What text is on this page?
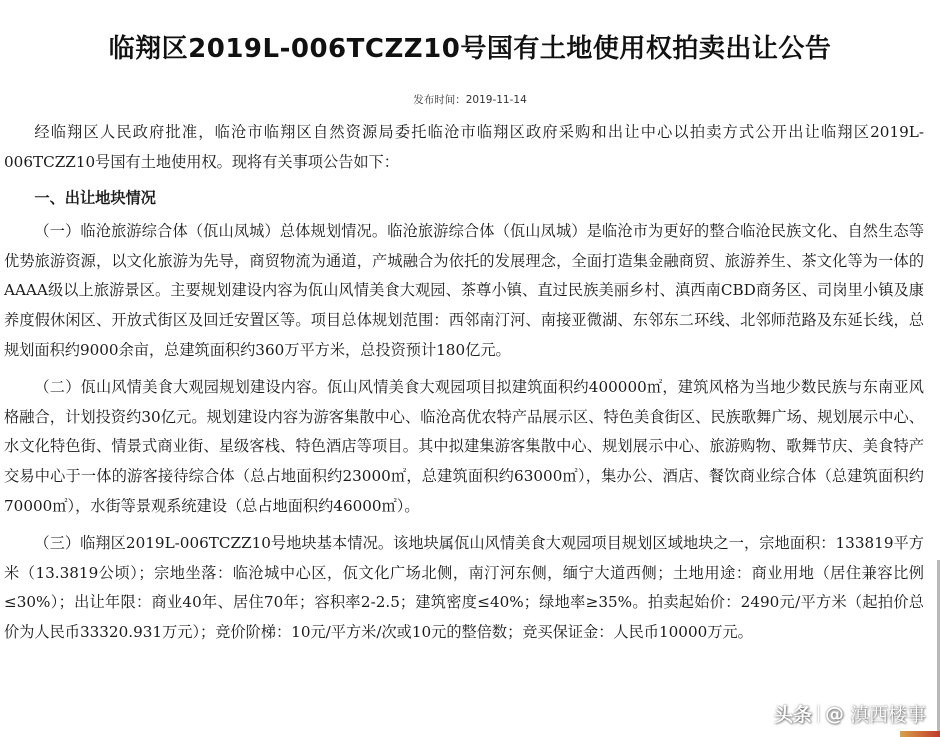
临翔区2019L-006TCZZ10号国有土地使用权拍卖出让公告
发布时间：2019-11-14

经临翔区人民政府批准，临沧市临翔区自然资源局委托临沧市临翔区政府采购和出让中心以拍卖方式公开出让临翔区2019L-006TCZZ10号国有土地使用权。现将有关事项公告如下：

一、出让地块情况

（一）临沧旅游综合体（佤山凤城）总体规划情况。临沧旅游综合体（佤山凤城）是临沧市为更好的整合临沧民族文化、自然生态等优势旅游资源，以文化旅游为先导，商贸物流为通道，产城融合为依托的发展理念，全面打造集金融商贸、旅游养生、茶文化等为一体的AAAA级以上旅游景区。主要规划建设内容为佤山风情美食大观园、茶尊小镇、直过民族美丽乡村、滇西南CBD商务区、司岗里小镇及康养度假休闲区、开放式街区及回迁安置区等。项目总体规划范围：西邻南汀河、南接亚微湖、东邻东二环线、北邻师范路及东延长线，总规划面积约9000余亩，总建筑面积约360万平方米，总投资预计180亿元。

（二）佤山风情美食大观园规划建设内容。佤山风情美食大观园项目拟建筑面积约400000㎡，建筑风格为当地少数民族与东南亚风格融合，计划投资约30亿元。规划建设内容为游客集散中心、临沧高优农特产品展示区、特色美食街区、民族歌舞广场、规划展示中心、水文化特色街、情景式商业街、星级客栈、特色酒店等项目。其中拟建集游客集散中心、规划展示中心、旅游购物、歌舞节庆、美食特产交易中心于一体的游客接待综合体（总占地面积约23000㎡，总建筑面积约63000㎡），集办公、酒店、餐饮商业综合体（总建筑面积约70000㎡），水街等景观系统建设（总占地面积约46000㎡）。

（三）临翔区2019L-006TCZZ10号地块基本情况。该地块属佤山风情美食大观园项目规划区域地块之一，宗地面积：133819平方米（13.3819公顷）；宗地坐落：临沧城中心区，佤文化广场北侧，南汀河东侧，缅宁大道西侧；土地用途：商业用地（居住兼容比例≤30%）；出让年限：商业40年、居住70年；容积率2-2.5；建筑密度≤40%；绿地率≥35%。拍卖起始价：2490元/平方米（起拍价总价为人民币33320.931万元）；竞价阶梯：10元/平方米/次或10元的整倍数；竞买保证金：人民币10000万元。

头条 @ 滇西楼事
